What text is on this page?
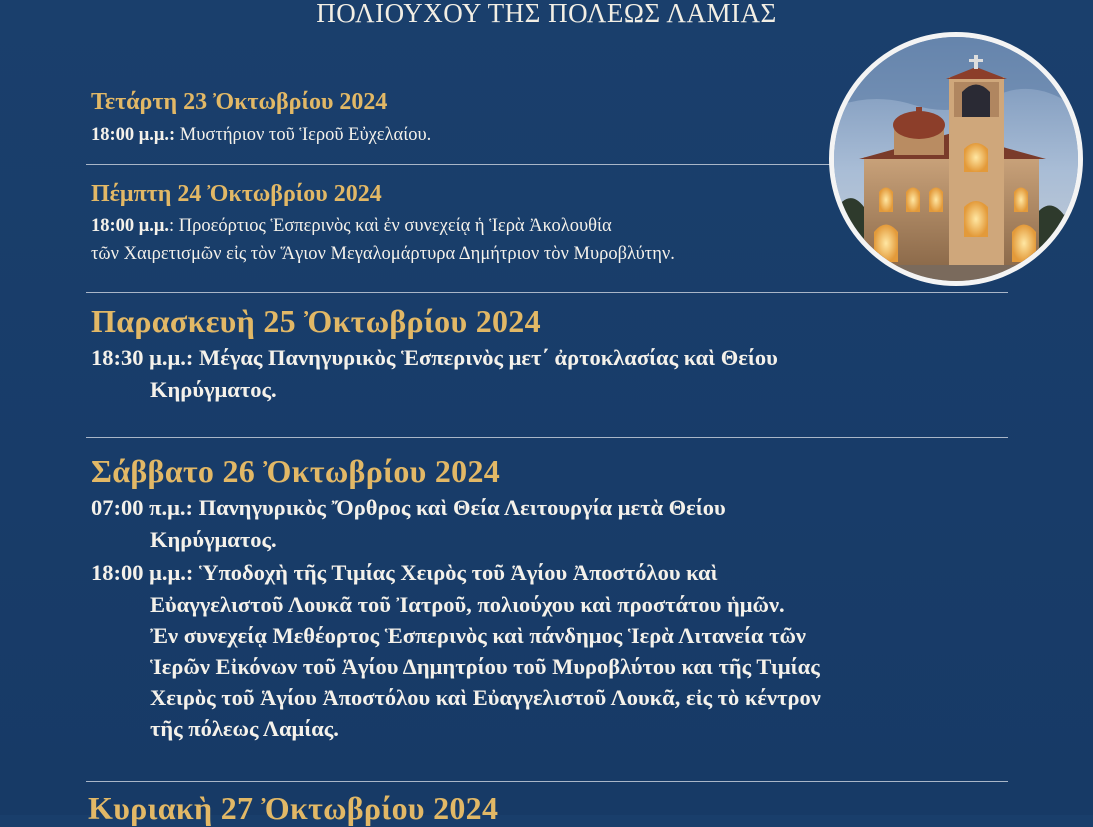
ΠΟΛΙΟΥΧΟΥ ΤΗΣ ΠΟΛΕΩΣ ΛΑΜΙΑΣ
Τετάρτη 23 Ὀκτωβρίου 2024
18:00 μ.μ.: Μυστήριον τοῦ Ἱεροῦ Εὐχελαίου.
Πέμπτη 24 Ὀκτωβρίου 2024
18:00 μ.μ.: Προεόρτιος Ἑσπερινὸς καὶ ἐν συνεχείᾳ ἡ Ἱερὰ Ἀκολουθία
τῶν Χαιρετισμῶν εἰς τὸν Ἅγιον Μεγαλομάρτυρα Δημήτριον τὸν Μυροβλύτην.
Παρασκευὴ 25 Ὀκτωβρίου 2024
18:30 μ.μ.: Μέγας Πανηγυρικὸς Ἑσπερινὸς μετ΄ ἀρτοκλασίας καὶ Θείου
Κηρύγματος.
Σάββατο 26 Ὀκτωβρίου 2024
07:00 π.μ.: Πανηγυρικὸς Ὄρθρος καὶ Θεία Λειτουργία μετὰ Θείου
Κηρύγματος.
18:00 μ.μ.: Ὑποδοχὴ τῆς Τιμίας Χειρὸς τοῦ Ἁγίου Ἀποστόλου καὶ
Εὐαγγελιστοῦ Λουκᾶ τοῦ Ἰατροῦ, πολιούχου καὶ προστάτου ἡμῶν.
Ἐν συνεχείᾳ Μεθέορτος Ἑσπερινὸς καὶ πάνδημος Ἱερὰ Λιτανεία τῶν
Ἱερῶν Εἰκόνων τοῦ Ἁγίου Δημητρίου τοῦ Μυροβλύτου και τῆς Τιμίας
Χειρὸς τοῦ Ἁγίου Ἀποστόλου καὶ Εὐαγγελιστοῦ Λουκᾶ, εἰς τὸ κέντρον
τῆς πόλεως Λαμίας.
Κυριακὴ 27 Ὀκτωβρίου 2024
